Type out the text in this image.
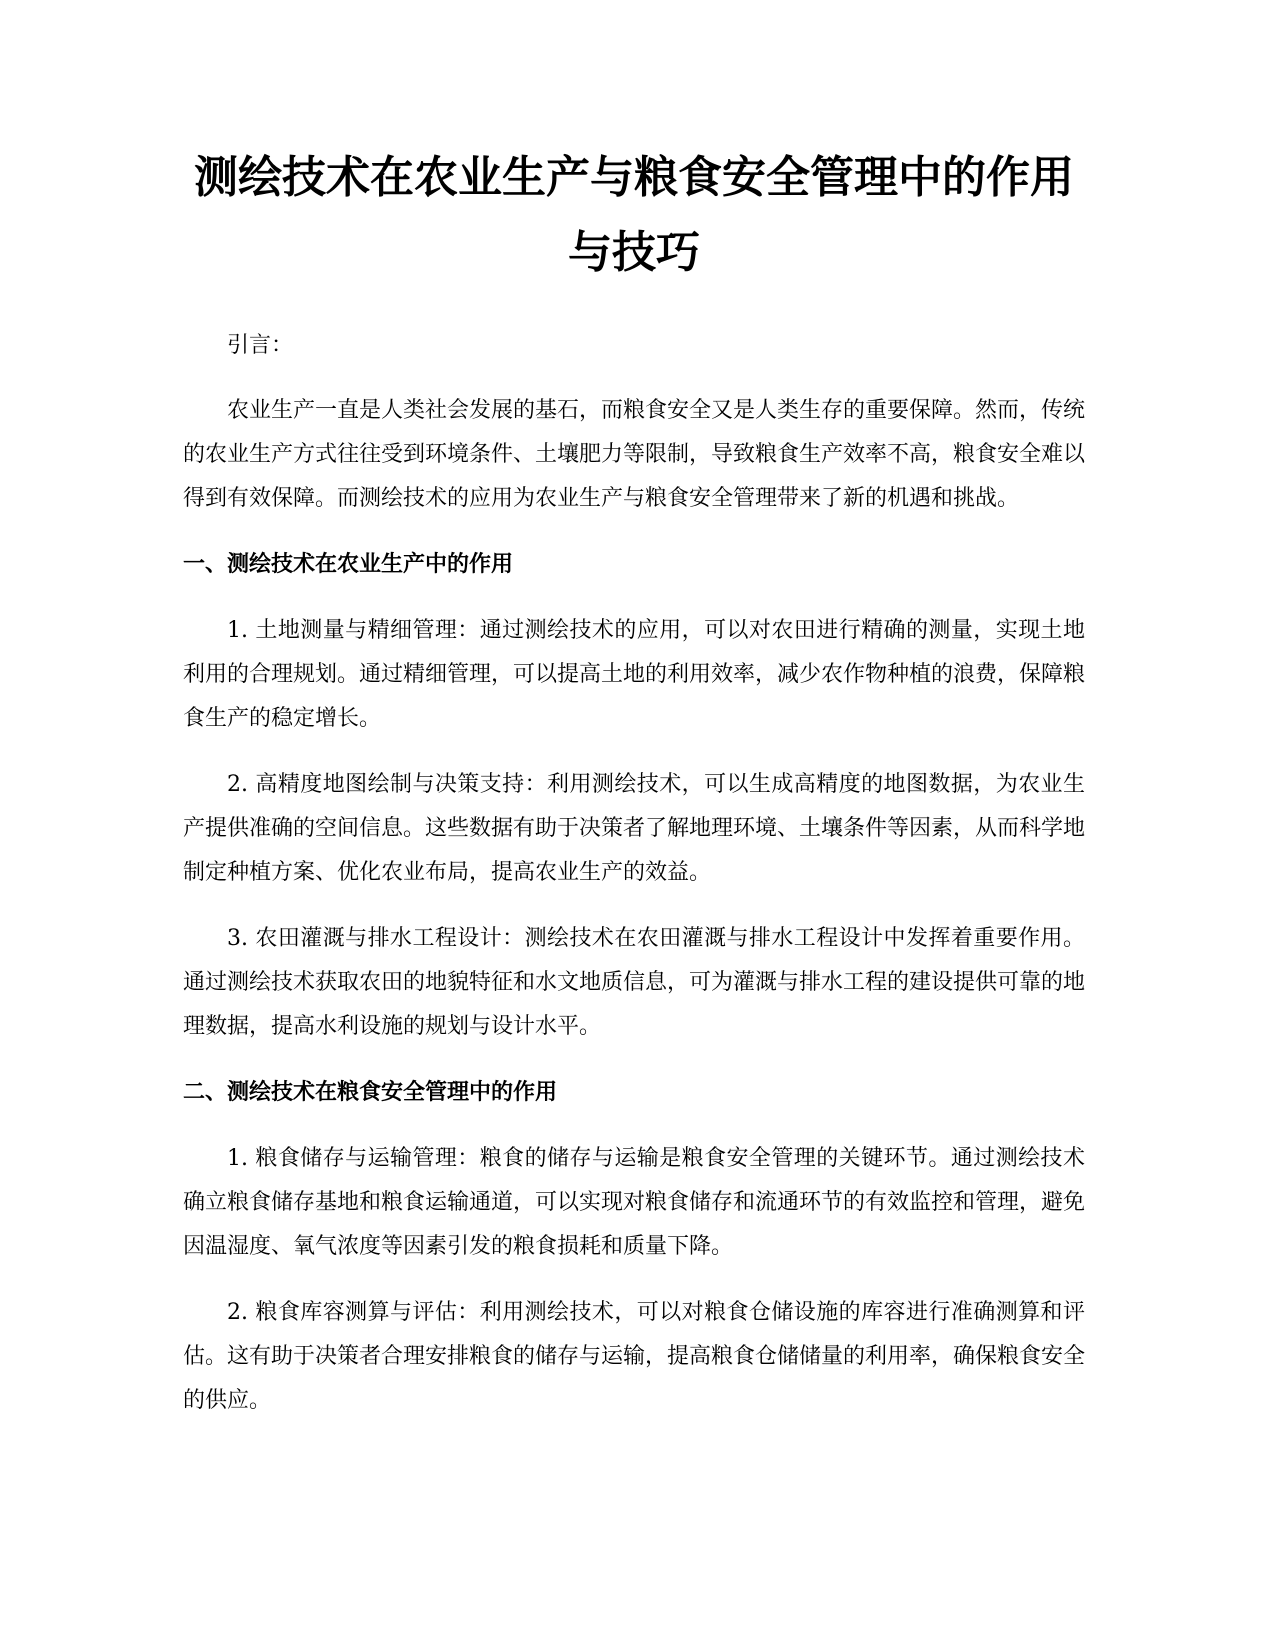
测绘技术在农业生产与粮食安全管理中的作用与技巧

引言：

农业生产一直是人类社会发展的基石，而粮食安全又是人类生存的重要保障。然而，传统的农业生产方式往往受到环境条件、土壤肥力等限制，导致粮食生产效率不高，粮食安全难以得到有效保障。而测绘技术的应用为农业生产与粮食安全管理带来了新的机遇和挑战。

一、测绘技术在农业生产中的作用

1. 土地测量与精细管理：通过测绘技术的应用，可以对农田进行精确的测量，实现土地利用的合理规划。通过精细管理，可以提高土地的利用效率，减少农作物种植的浪费，保障粮食生产的稳定增长。

2. 高精度地图绘制与决策支持：利用测绘技术，可以生成高精度的地图数据，为农业生产提供准确的空间信息。这些数据有助于决策者了解地理环境、土壤条件等因素，从而科学地制定种植方案、优化农业布局，提高农业生产的效益。

3. 农田灌溉与排水工程设计：测绘技术在农田灌溉与排水工程设计中发挥着重要作用。通过测绘技术获取农田的地貌特征和水文地质信息，可为灌溉与排水工程的建设提供可靠的地理数据，提高水利设施的规划与设计水平。

二、测绘技术在粮食安全管理中的作用

1. 粮食储存与运输管理：粮食的储存与运输是粮食安全管理的关键环节。通过测绘技术确立粮食储存基地和粮食运输通道，可以实现对粮食储存和流通环节的有效监控和管理，避免因温湿度、氧气浓度等因素引发的粮食损耗和质量下降。

2. 粮食库容测算与评估：利用测绘技术，可以对粮食仓储设施的库容进行准确测算和评估。这有助于决策者合理安排粮食的储存与运输，提高粮食仓储储量的利用率，确保粮食安全的供应。
